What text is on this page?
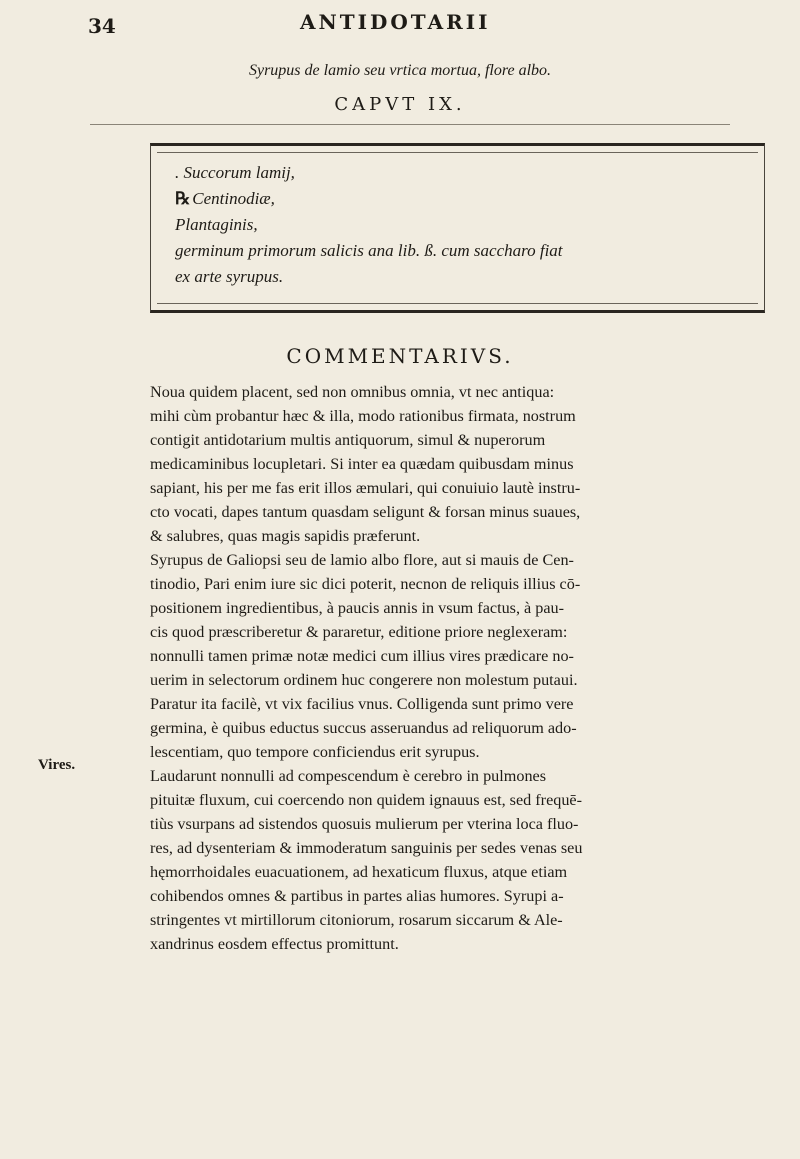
34	ANTIDOTARII
Syrupus de lamio seu vrtica mortua, flore albo.
CAPVT IX.
. Succorum lamij,
℞ Centinodiæ,
Plantaginis,
germinum primorum salicis ana lib. ß. cum saccharo fiat
ex arte syrupus.
COMMENTARIVS.
Vires.

Noua quidem placent, sed non omnibus omnia, vt nec antiqua:
mihi cùm probantur hæc & illa, modo rationibus firmata, nostrum
contigit antidotarium multis antiquorum, simul & nuperorum
medicaminibus locupletari. Si inter ea quædam quibusdam minus
sapiant, his per me fas erit illos æmulari, qui conuiuio lautè instru-
cto vocati, dapes tantum quasdam seligunt & forsan minus suaues,
& salubres, quas magis sapidis præferunt.

Syrupus de Galiopsi seu de lamio albo flore, aut si mauis de Cen-
tinodio, Pari enim iure sic dici poterit, necnon de reliquis illius cō-
positionem ingredientibus, à paucis annis in vsum factus, à pau-
cis quod præscriberetur & pararetur, editione priore neglexeram:
nonnulli tamen primæ notæ medici cum illius vires prædicare no-
uerim in selectorum ordinem huc congerere non molestum putaui.
Paratur ita facilè, vt vix facilius vnus. Colligenda sunt primo vere
germina, è quibus eductus succus asseruandus ad reliquorum ado-
lescentiam, quo tempore conficiendus erit syrupus.

Laudarunt nonnulli ad compescendum è cerebro in pulmones
pituitæ fluxum, cui coercendo non quidem ignauus est, sed frequē-
tiùs vsurpans ad sistendos quosuis mulierum per vterina loca fluo-
res, ad dysenteriam & immoderatum sanguinis per sedes venas seu
hęmorrhoidales euacuationem, ad hexaticum fluxus, atque etiam
cohibendos omnes & partibus in partes alias humores. Syrupi a-
stringentes vt mirtillorum citoniorum, rosarum siccarum & Ale-
xandrinus eosdem effectus promittunt.
